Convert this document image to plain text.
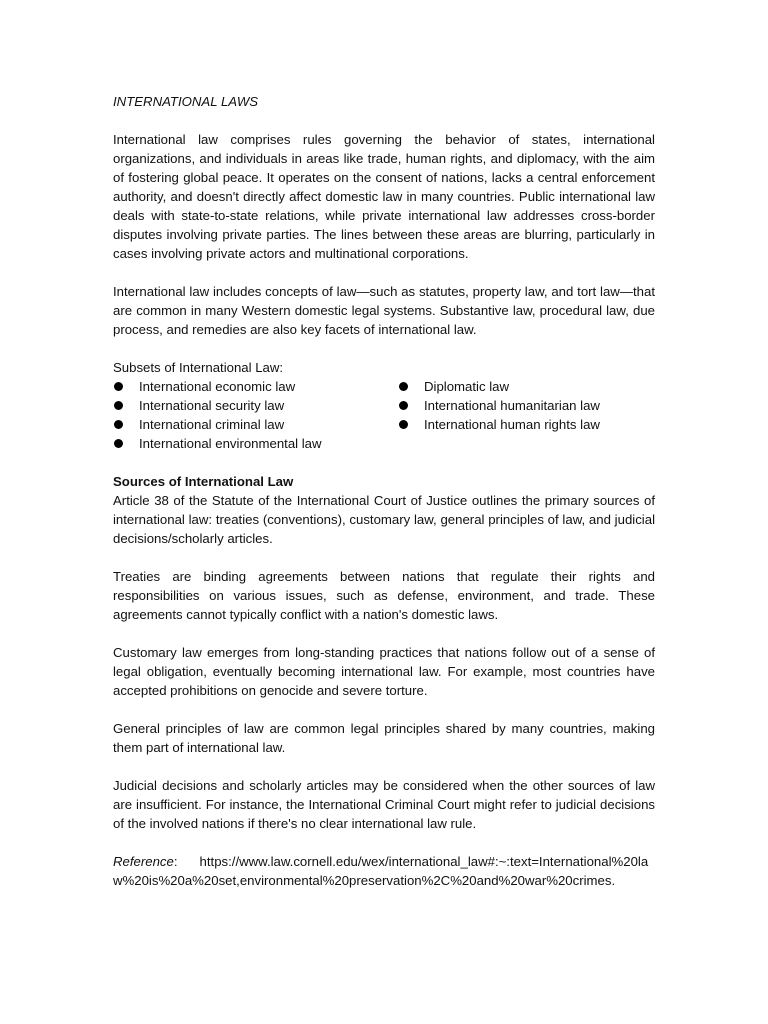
INTERNATIONAL LAWS

International law comprises rules governing the behavior of states, international organizations, and individuals in areas like trade, human rights, and diplomacy, with the aim of fostering global peace. It operates on the consent of nations, lacks a central enforcement authority, and doesn't directly affect domestic law in many countries. Public international law deals with state-to-state relations, while private international law addresses cross-border disputes involving private parties. The lines between these areas are blurring, particularly in cases involving private actors and multinational corporations.

International law includes concepts of law—such as statutes, property law, and tort law—that are common in many Western domestic legal systems. Substantive law, procedural law, due process, and remedies are also key facets of international law.

Subsets of International Law:
International economic law
International security law
International criminal law
International environmental law
Diplomatic law
International humanitarian law
International human rights law
Sources of International Law

Article 38 of the Statute of the International Court of Justice outlines the primary sources of international law: treaties (conventions), customary law, general principles of law, and judicial decisions/scholarly articles.

Treaties are binding agreements between nations that regulate their rights and responsibilities on various issues, such as defense, environment, and trade. These agreements cannot typically conflict with a nation's domestic laws.

Customary law emerges from long-standing practices that nations follow out of a sense of legal obligation, eventually becoming international law. For example, most countries have accepted prohibitions on genocide and severe torture.

General principles of law are common legal principles shared by many countries, making them part of international law.

Judicial decisions and scholarly articles may be considered when the other sources of law are insufficient. For instance, the International Criminal Court might refer to judicial decisions of the involved nations if there's no clear international law rule.

Reference: https://www.law.cornell.edu/wex/international_law#:~:text=International%20law%20is%20a%20set,environmental%20preservation%2C%20and%20war%20crimes.
